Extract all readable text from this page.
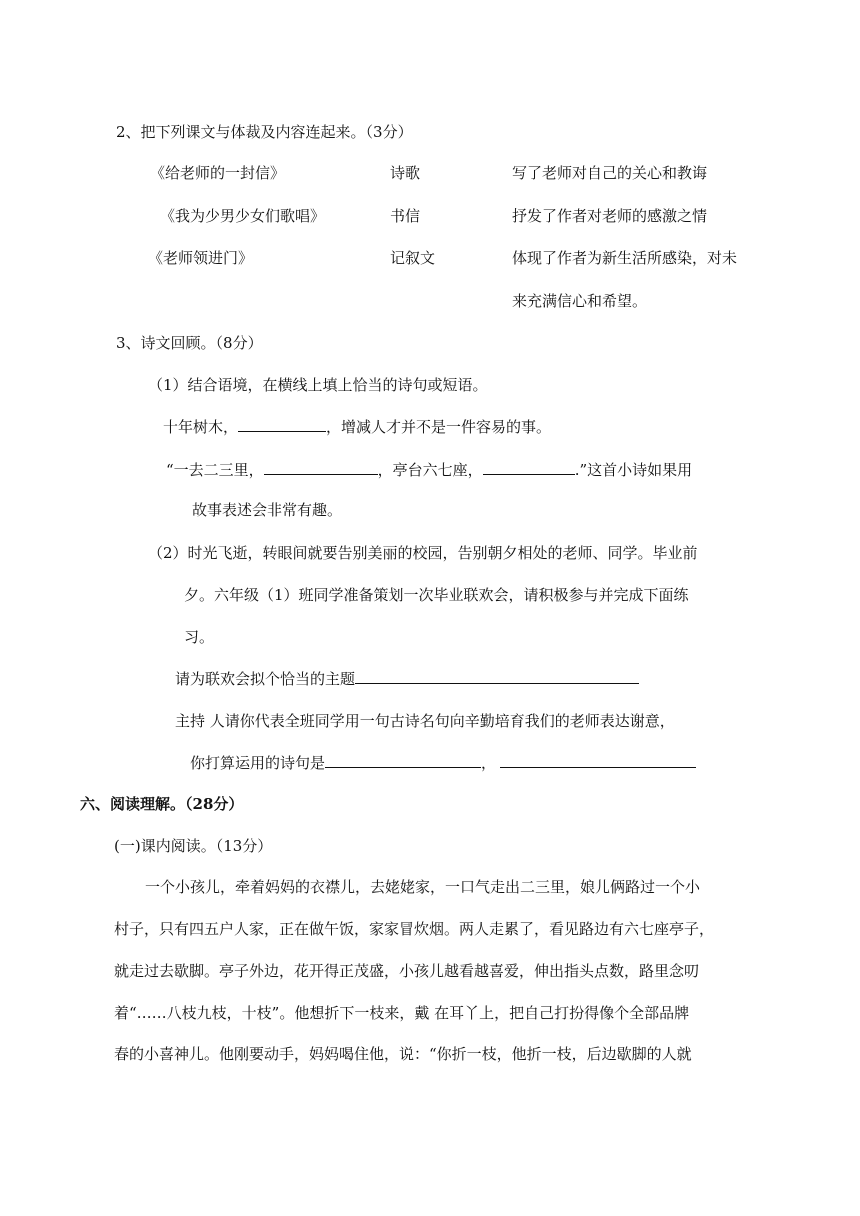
2、把下列课文与体裁及内容连起来。（3分）
《给老师的一封信》	诗歌	写了老师对自己的关心和教诲
《我为少男少女们歌唱》	书信	抒发了作者对老师的感激之情
《老师领进门》	记叙文	体现了作者为新生活所感染，对未
来充满信心和希望。
3、诗文回顾。（8分）
（1）结合语境，在横线上填上恰当的诗句或短语。
十年树木，	，增减人才并不是一件容易的事。
“一去二三里，	，亭台六七座，	.”这首小诗如果用
故事表述会非常有趣。
（2）时光飞逝，转眼间就要告别美丽的校园，告别朝夕相处的老师、同学。毕业前
夕。六年级（1）班同学准备策划一次毕业联欢会，请积极参与并完成下面练
习。
请为联欢会拟个恰当的主题
主持 人请你代表全班同学用一句古诗名句向辛勤培育我们的老师表达谢意，
你打算运用的诗句是	，
六、阅读理解。（28分）
(一)课内阅读。（13分）
一个小孩儿，牵着妈妈的衣襟儿，去姥姥家，一口气走出二三里，娘儿俩路过一个小
村子，只有四五户人家，正在做午饭，家家冒炊烟。两人走累了，看见路边有六七座亭子，
就走过去歇脚。亭子外边，花开得正茂盛，小孩儿越看越喜爱，伸出指头点数，路里念叨
着“……八枝九枝，十枝”。他想折下一枝来，戴 在耳丫上，把自己打扮得像个全部品牌
春的小喜神儿。他刚要动手，妈妈喝住他，说：“你折一枝，他折一枝，后边歇脚的人就
